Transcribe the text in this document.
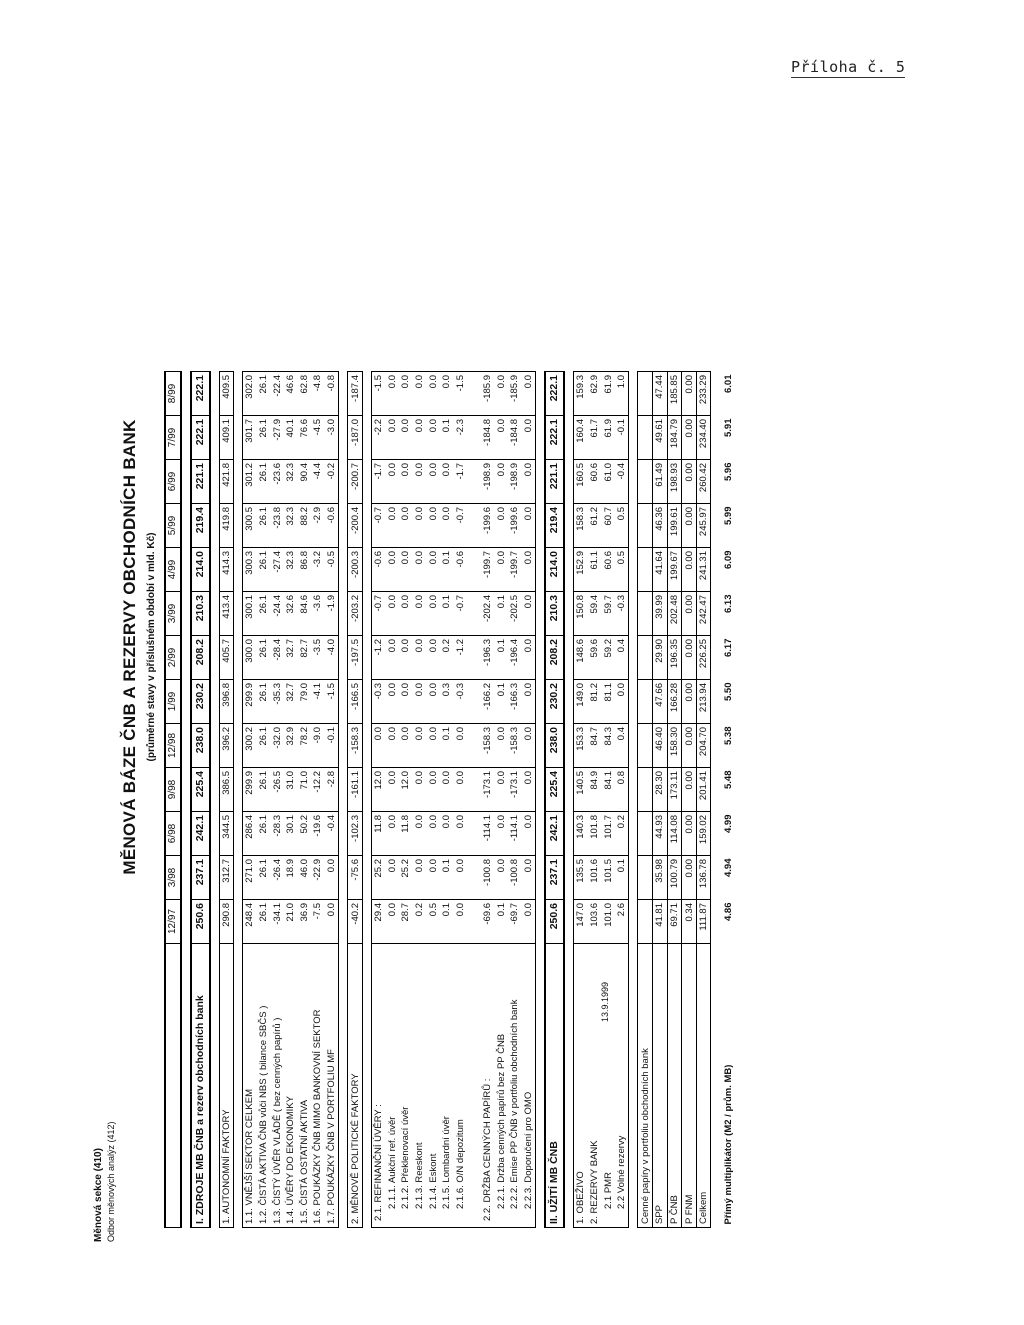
Příloha č. 5
Měnová sekce (410) Odbor měnových analýz (412)
MĚNOVÁ BÁZE ČNB A REZERVY OBCHODNÍCH BANK (průměrné stavy v příslušném období v mld. Kč)
	12/97	3/98	6/98	9/98	12/98	1/99	2/99	3/99	4/99	5/99	6/99	7/99	8/99

I. ZDROJE MB ČNB a rezerv obchodních bank	250.6	237.1	242.1	225.4	238.0	230.2	208.2	210.3	214.0	219.4	221.1	222.1	222.1

1. AUTONOMNÍ FAKTORY	290.8	312.7	344.5	386.5	396.2	396.8	405.7	413.4	414.3	419.8	421.8	409.1	409.5

1.1. VNĚJŠÍ SEKTOR CELKEM	248.4	271.0	286.4	299.9	300.2	299.9	300.0	300.1	300.3	300.5	301.2	301.7	302.0
1.2. ČISTÁ AKTIVA ČNB vůči NBS ( bilance SBČS )	26.1	26.1	26.1	26.1	26.1	26.1	26.1	26.1	26.1	26.1	26.1	26.1	26.1
1.3. ČISTÝ ÚVĚR VLÁDĚ ( bez cenných papírů )	-34.1	-26.4	-28.3	-26.5	-32.0	-35.3	-28.4	-24.4	-27.4	-23.8	-23.6	-27.9	-22.4
1.4. ÚVĚRY DO EKONOMIKY	21.0	18.9	30.1	31.0	32.9	32.7	32.7	32.6	32.3	32.3	32.3	40.1	46.6
1.5. ČISTÁ OSTATNÍ AKTIVA	36.9	46.0	50.2	71.0	78.2	79.0	82.7	84.6	86.8	88.2	90.4	76.6	62.8
1.6. POUKÁZKY ČNB MIMO BANKOVNÍ SEKTOR	-7.5	-22.9	-19.6	-12.2	-9.0	-4.1	-3.5	-3.6	-3.2	-2.9	-4.4	-4.5	-4.8
1.7. POUKÁZKY ČNB V PORTFOLIU MF	0.0	0.0	-0.4	-2.8	-0.1	-1.5	-4.0	-1.9	-0.5	-0.6	-0.2	-3.0	-0.8

2. MĚNOVĚ POLITICKÉ FAKTORY	-40.2	-75.6	-102.3	-161.1	-158.3	-166.5	-197.5	-203.2	-200.3	-200.4	-200.7	-187.0	-187.4

2.1. REFINANČNÍ ÚVĚRY :	29.4	25.2	11.8	12.0	0.0	-0.3	-1.2	-0.7	-0.6	-0.7	-1.7	-2.2	-1.5
2.1.1. Aukční ref. úvěr	0.0	0.0	0.0	0.0	0.0	0.0	0.0	0.0	0.0	0.0	0.0	0.0	0.0
2.1.2. Překlenovací úvěr	28.7	25.2	11.8	12.0	0.0	0.0	0.0	0.0	0.0	0.0	0.0	0.0	0.0
2.1.3. Reeskont	0.2	0.0	0.0	0.0	0.0	0.0	0.0	0.0	0.0	0.0	0.0	0.0	0.0
2.1.4. Eskont	0.5	0.0	0.0	0.0	0.0	0.0	0.0	0.0	0.0	0.0	0.0	0.0	0.0
2.1.5. Lombardní úvěr	0.1	0.1	0.0	0.0	0.1	0.3	0.2	0.1	0.1	0.0	0.0	0.1	0.0
2.1.6. O/N depozitum	0.0	0.0	0.0	0.0	0.0	-0.3	-1.2	-0.7	-0.6	-0.7	-1.7	-2.3	-1.5

2.2. DRŽBA CENNÝCH PAPÍRŮ :	-69.6	-100.8	-114.1	-173.1	-158.3	-166.2	-196.3	-202.4	-199.7	-199.6	-198.9	-184.8	-185.9
2.2.1. Držba cenných papírů bez PP ČNB	0.1	0.0	0.0	0.0	0.0	0.1	0.1	0.1	0.0	0.0	0.0	0.0	0.0
2.2.2. Emise PP ČNB v portfoliu obchodních bank	-69.7	-100.8	-114.1	-173.1	-158.3	-166.3	-196.4	-202.5	-199.7	-199.6	-198.9	-184.8	-185.9
2.2.3. Doporučení pro OMO	0.0	0.0	0.0	0.0	0.0	0.0	0.0	0.0	0.0	0.0	0.0	0.0	0.0

II. UŽITÍ MB ČNB	250.6	237.1	242.1	225.4	238.0	230.2	208.2	210.3	214.0	219.4	221.1	222.1	222.1

1. OBEŽIVO	147.0	135.5	140.3	140.5	153.3	149.0	148.6	150.8	152.9	158.3	160.5	160.4	159.3
2. REZERVY BANK	103.6	101.6	101.8	84.9	84.7	81.2	59.6	59.4	61.1	61.2	60.6	61.7	62.9
2.1 PMR	101.0	101.5	101.7	84.1	84.3	81.1	59.2	59.7	60.6	60.7	61.0	61.9	61.9
2.2 Volné rezervy	2.6	0.1	0.2	0.8	0.4	0.0	0.4	-0.3	0.5	0.5	-0.4	-0.1	1.0

Cenné papíry v portfoliu obchodních bank													
SPP	41.81	35.98	44.93	28.30	46.40	47.66	29.90	39.99	41.64	46.36	61.49	49.61	47.44
P ČNB	69.71	100.79	114.08	173.11	158.30	166.28	196.35	202.48	199.67	199.61	198.93	184.79	185.85
P FNM	0.34	0.00	0.00	0.00	0.00	0.00	0.00	0.00	0.00	0.00	0.00	0.00	0.00
Celkem	111.87	136.78	159.02	201.41	204.70	213.94	226.25	242.47	241.31	245.97	260.42	234.40	233.29

Přímý multiplikátor (M2 / prům. MB)	4.86	4.94	4.99	5.48	5.38	5.50	6.17	6.13	6.09	5.99	5.96	5.91	6.01
13.9.1999
